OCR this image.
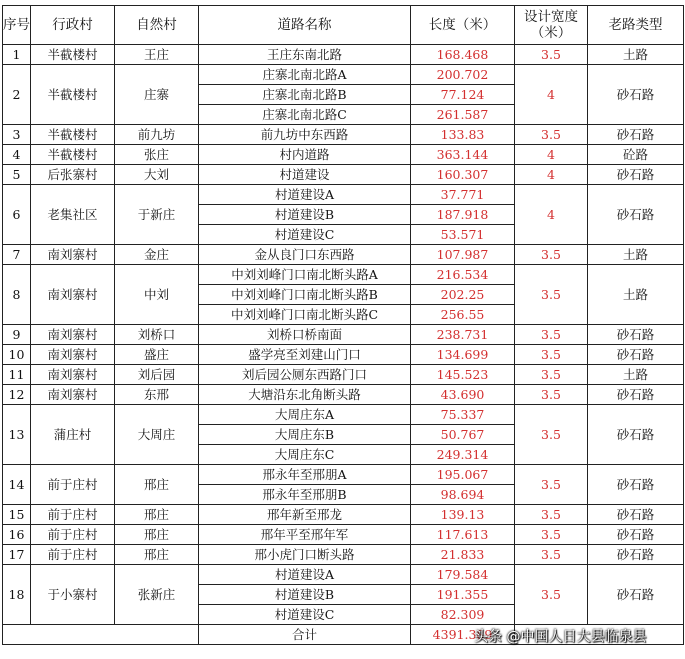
序号	行政村	自然村	道路名称	长度（米）	设计宽度（米）	老路类型
1	半截楼村	王庄	王庄东南北路	168.468	3.5	土路
2	半截楼村	庄寨	庄寨北南北路A	200.702	4	砂石路
			庄寨北南北路B	77.124		
			庄寨北南北路C	261.587		
3	半截楼村	前九坊	前九坊中东西路	133.83	3.5	砂石路
4	半截楼村	张庄	村内道路	363.144	4	砼路
5	后张寨村	大刘	村道建设	160.307	4	砂石路
6	老集社区	于新庄	村道建设A	37.771	4	砂石路
			村道建设B	187.918		
			村道建设C	53.571		
7	南刘寨村	金庄	金从良门口东西路	107.987	3.5	土路
8	南刘寨村	中刘	中刘刘峰门口南北断头路A	216.534	3.5	土路
			中刘刘峰门口南北断头路B	202.25		
			中刘刘峰门口南北断头路C	256.55		
9	南刘寨村	刘桥口	刘桥口桥南面	238.731	3.5	砂石路
10	南刘寨村	盛庄	盛学亮至刘建山门口	134.699	3.5	砂石路
11	南刘寨村	刘后园	刘后园公厕东西路门口	145.523	3.5	土路
12	南刘寨村	东邢	大塘沿东北角断头路	43.690	3.5	砂石路
13	蒲庄村	大周庄	大周庄东A	75.337	3.5	砂石路
			大周庄东B	50.767		
			大周庄东C	249.314		
14	前于庄村	邢庄	邢永年至邢朋A	195.067	3.5	砂石路
			邢永年至邢朋B	98.694		
15	前于庄村	邢庄	邢年新至邢龙	139.13	3.5	砂石路
16	前于庄村	邢庄	邢年平至邢年军	117.613	3.5	砂石路
17	前于庄村	邢庄	邢小虎门口断头路	21.833	3.5	砂石路
18	于小寨村	张新庄	村道建设A	179.584	3.5	砂石路
			村道建设B	191.355		
			村道建设C	82.309		
			合计	4391.389		
头条 @中国人日大县临泉县
